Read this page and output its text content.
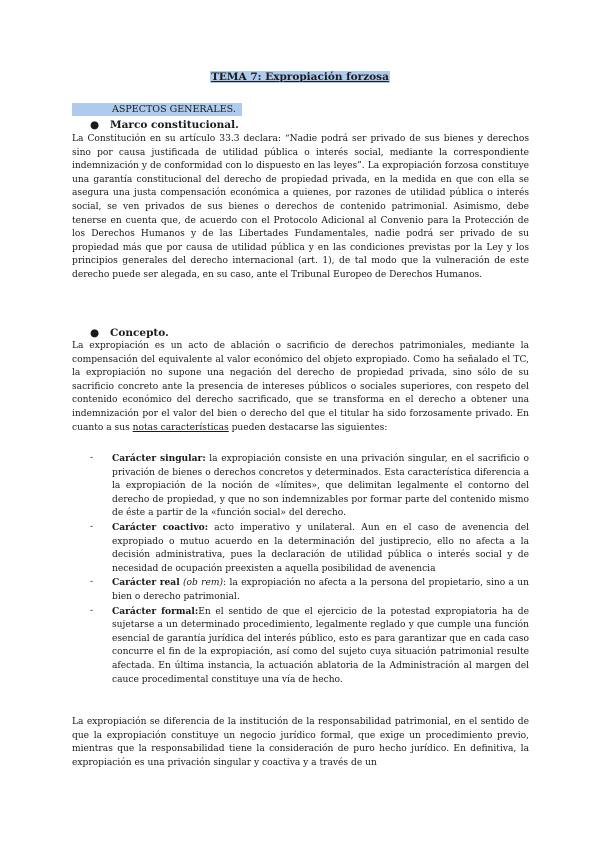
TEMA 7: Expropiación forzosa
ASPECTOS GENERALES.
● Marco constitucional.

La Constitución en su artículo 33.3 declara: “Nadie podrá ser privado de sus bienes y derechos sino por causa justificada de utilidad pública o interés social, mediante la correspondiente indemnización y de conformidad con lo dispuesto en las leyes”. La expropiación forzosa constituye una garantía constitucional del derecho de propiedad privada, en la medida en que con ella se asegura una justa compensación económica a quienes, por razones de utilidad pública o interés social, se ven privados de sus bienes o derechos de contenido patrimonial. Asimismo, debe tenerse en cuenta que, de acuerdo con el Protocolo Adicional al Convenio para la Protección de los Derechos Humanos y de las Libertades Fundamentales, nadie podrá ser privado de su propiedad más que por causa de utilidad pública y en las condiciones previstas por la Ley y los principios generales del derecho internacional (art. 1), de tal modo que la vulneración de este derecho puede ser alegada, en su caso, ante el Tribunal Europeo de Derechos Humanos.

● Concepto.

La expropiación es un acto de ablación o sacrificio de derechos patrimoniales, mediante la compensación del equivalente al valor económico del objeto expropiado. Como ha señalado el TC, la expropiación no supone una negación del derecho de propiedad privada, sino sólo de su sacrificio concreto ante la presencia de intereses públicos o sociales superiores, con respeto del contenido económico del derecho sacrificado, que se transforma en el derecho a obtener una indemnización por el valor del bien o derecho del que el titular ha sido forzosamente privado. En cuanto a sus notas características pueden destacarse las siguientes:

- Carácter singular: la expropiación consiste en una privación singular, en el sacrificio o privación de bienes o derechos concretos y determinados. Esta característica diferencia a la expropiación de la noción de «límites», que delimitan legalmente el contorno del derecho de propiedad, y que no son indemnizables por formar parte del contenido mismo de éste a partir de la «función social» del derecho.

- Carácter coactivo: acto imperativo y unilateral. Aun en el caso de avenencia del expropiado o mutuo acuerdo en la determinación del justiprecio, ello no afecta a la decisión administrativa, pues la declaración de utilidad pública o interés social y de necesidad de ocupación preexisten a aquella posibilidad de avenencia

- Carácter real (ob rem): la expropiación no afecta a la persona del propietario, sino a un bien o derecho patrimonial.

- Carácter formal:En el sentido de que el ejercicio de la potestad expropiatoria ha de sujetarse a un determinado procedimiento, legalmente reglado y que cumple una función esencial de garantía jurídica del interés público, esto es para garantizar que en cada caso concurre el fin de la expropiación, así como del sujeto cuya situación patrimonial resulte afectada. En última instancia, la actuación ablatoria de la Administración al margen del cauce procedimental constituye una vía de hecho.

La expropiación se diferencia de la institución de la responsabilidad patrimonial, en el sentido de que la expropiación constituye un negocio jurídico formal, que exige un procedimiento previo, mientras que la responsabilidad tiene la consideración de puro hecho jurídico. En definitiva, la expropiación es una privación singular y coactiva y a través de un
